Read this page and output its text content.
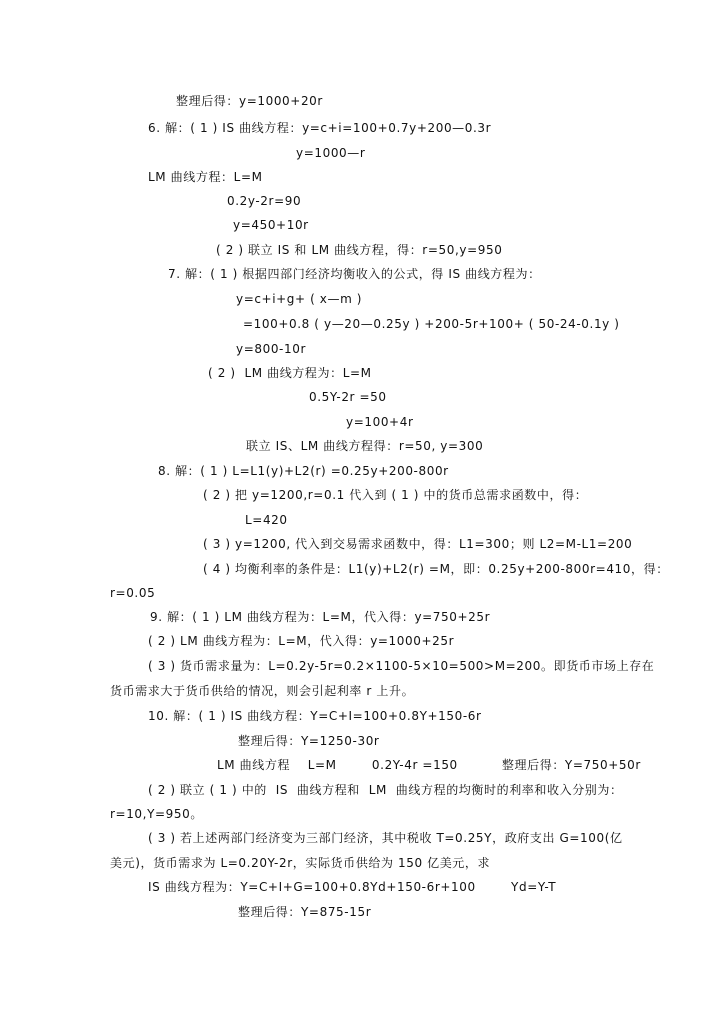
整理后得：y=1000+20r
6. 解：( 1 ) IS 曲线方程：y=c+i=100+0.7y+200—0.3r
y=1000—r
LM 曲线方程：L=M
0.2y-2r=90
y=450+10r
( 2 ) 联立 IS 和 LM 曲线方程，得：r=50,y=950
7. 解：( 1 ) 根据四部门经济均衡收入的公式，得 IS 曲线方程为：
y=c+i+g+ ( x—m )
=100+0.8 ( y—20—0.25y ) +200-5r+100+ ( 50-24-0.1y )
y=800-10r
( 2 )  LM 曲线方程为：L=M
0.5Y-2r =50
y=100+4r
联立 IS、LM 曲线方程得：r=50, y=300
8. 解：( 1 ) L=L1(y)+L2(r) =0.25y+200-800r
( 2 ) 把 y=1200,r=0.1 代入到 ( 1 ) 中的货币总需求函数中，得：
L=420
( 3 ) y=1200, 代入到交易需求函数中，得：L1=300；则 L2=M-L1=200
( 4 ) 均衡利率的条件是：L1(y)+L2(r) =M，即：0.25y+200-800r=410，得：
r=0.05
9. 解：( 1 ) LM 曲线方程为：L=M，代入得：y=750+25r
( 2 ) LM 曲线方程为：L=M，代入得：y=1000+25r
( 3 ) 货币需求量为：L=0.2y-5r=0.2×1100-5×10=500>M=200。即货币市场上存在
货币需求大于货币供给的情况，则会引起利率 r 上升。
10. 解：( 1 ) IS 曲线方程：Y=C+I=100+0.8Y+150-6r
整理后得：Y=1250-30r
LM 曲线方程    L=M        0.2Y-4r =150          整理后得：Y=750+50r
( 2 ) 联立 ( 1 ) 中的  IS  曲线方程和  LM  曲线方程的均衡时的利率和收入分别为：
r=10,Y=950。
( 3 ) 若上述两部门经济变为三部门经济，其中税收 T=0.25Y，政府支出 G=100(亿
美元)，货币需求为 L=0.20Y-2r，实际货币供给为 150 亿美元，求
IS 曲线方程为：Y=C+I+G=100+0.8Yd+150-6r+100        Yd=Y-T
整理后得：Y=875-15r
